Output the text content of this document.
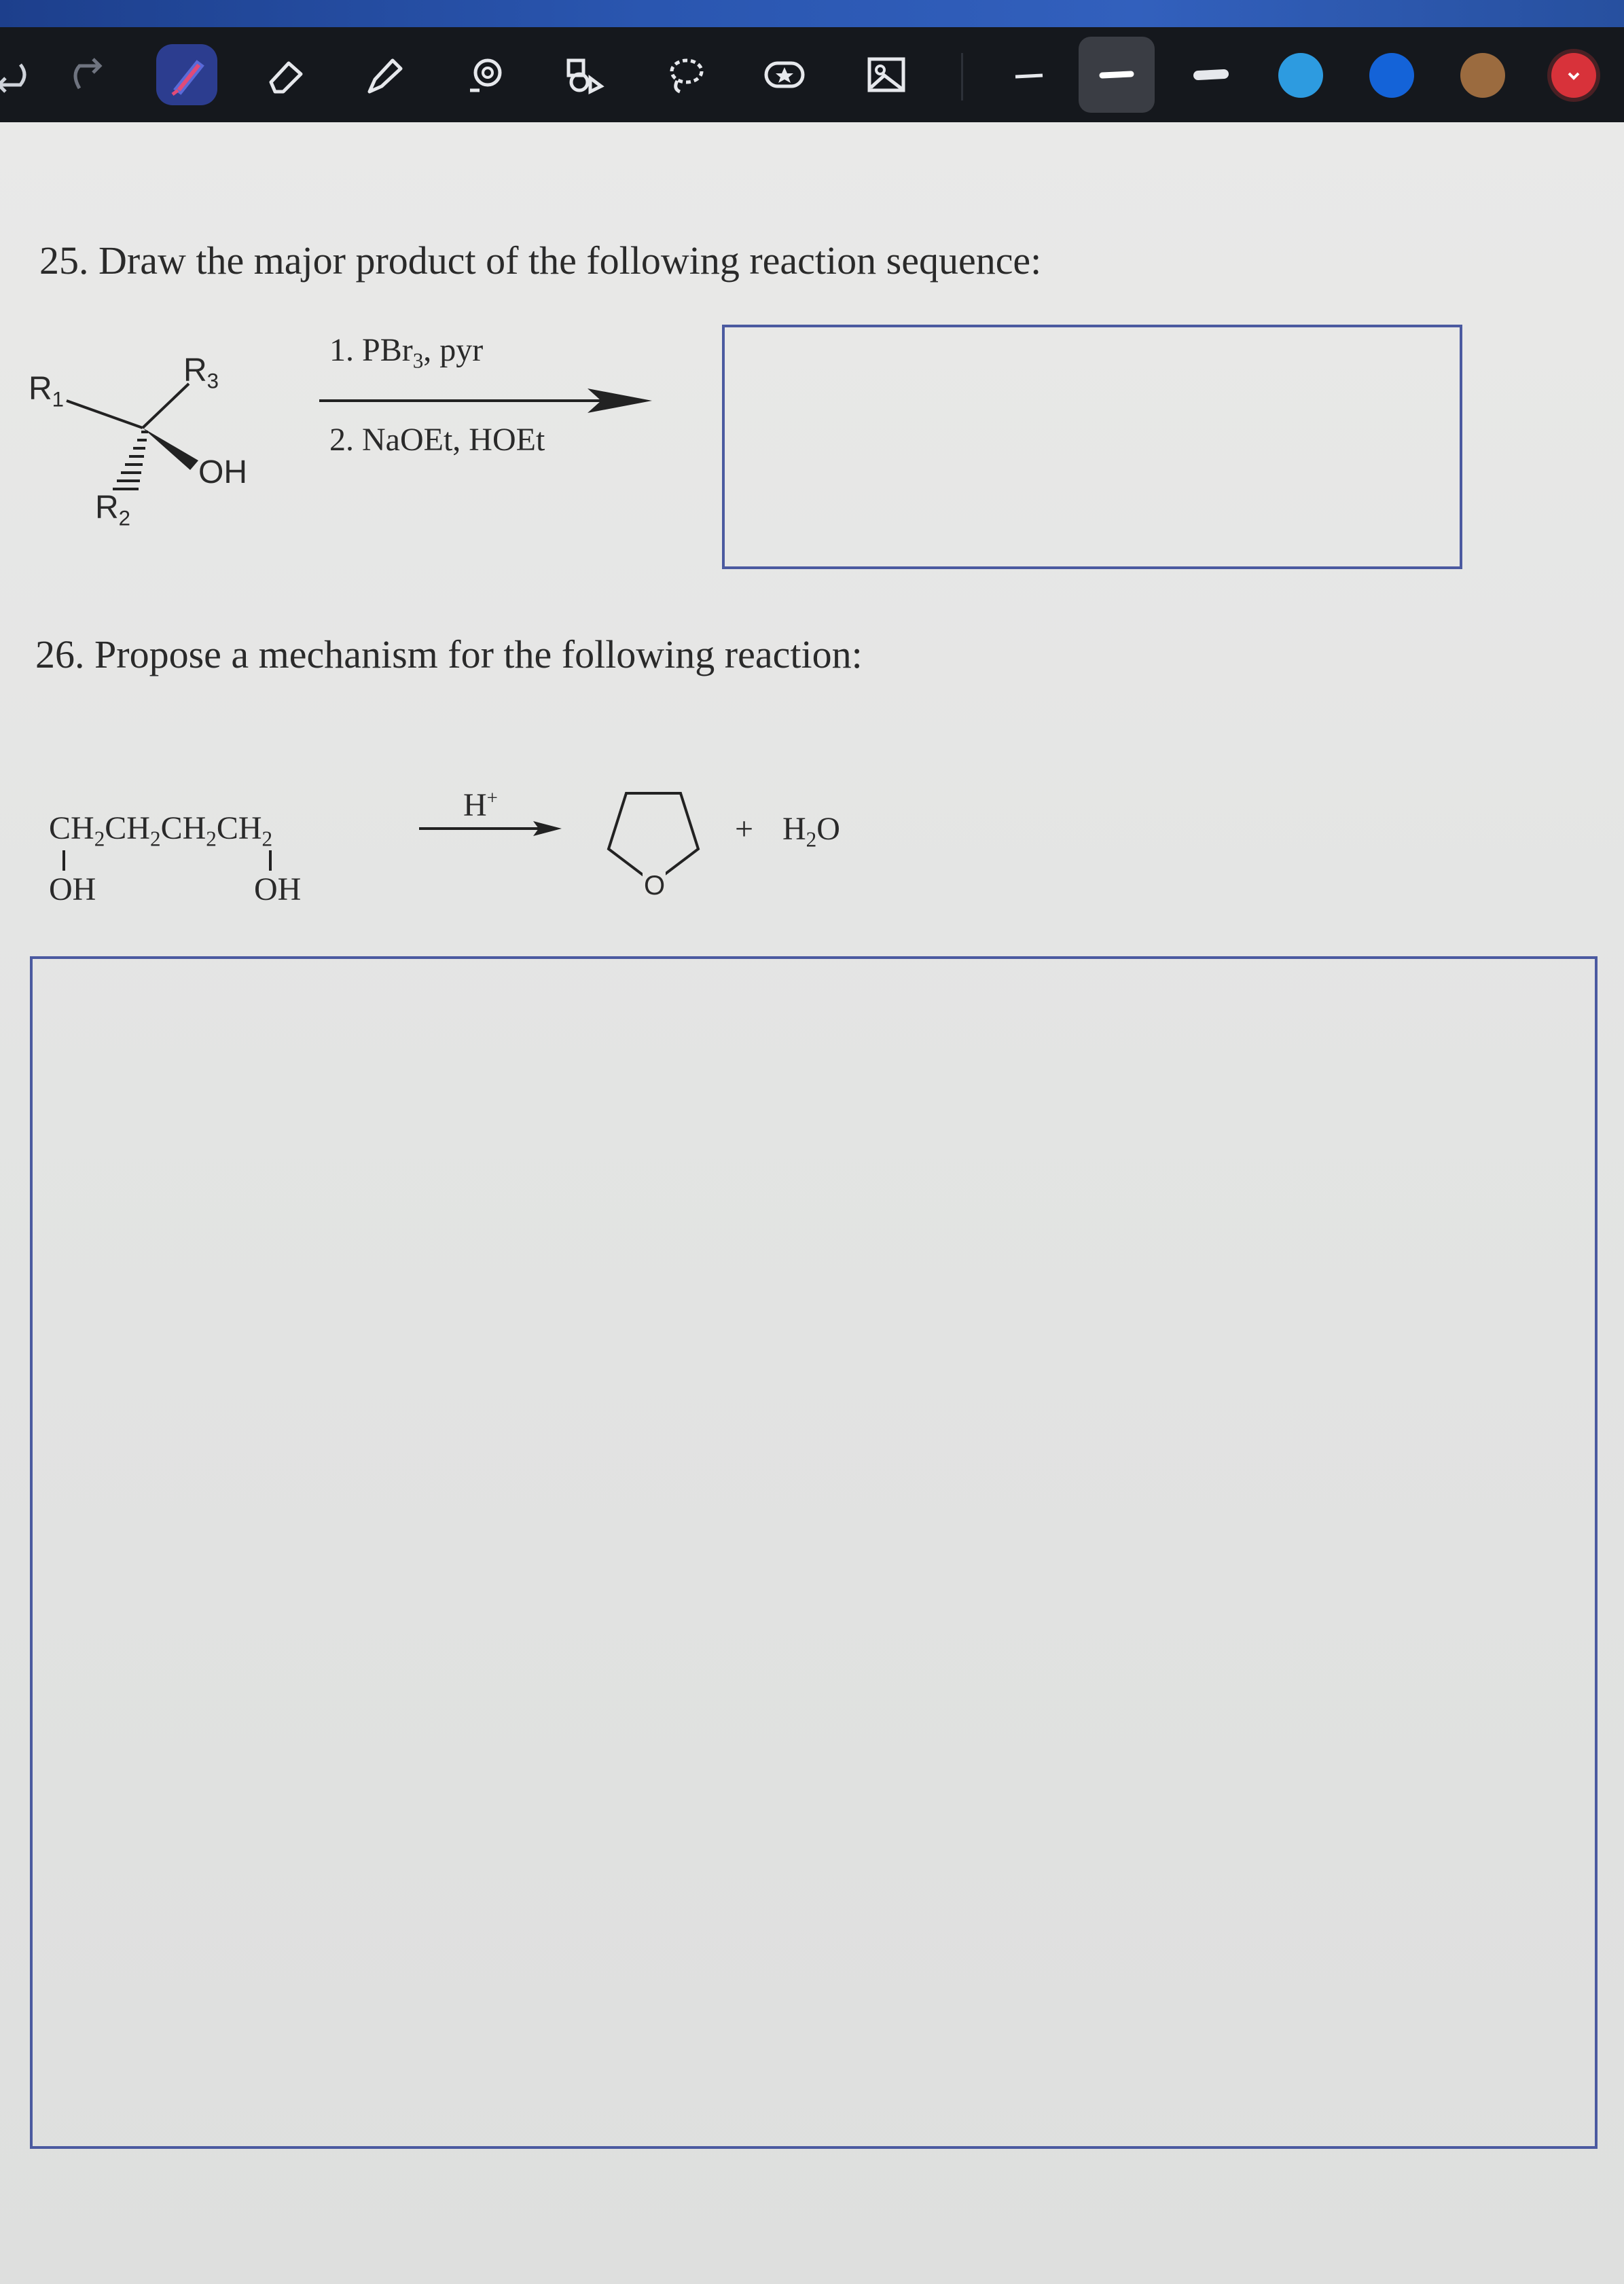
25. Draw the major product of the following reaction sequence:
$R_1$
$R_3$
OH
$R_2$
1. PBr$_3$, pyr
2. NaOEt, HOEt
26. Propose a mechanism for the following reaction:
$CH_2CH_2CH_2CH_2$
OH	OH
H+
O
+ $H_2O$
